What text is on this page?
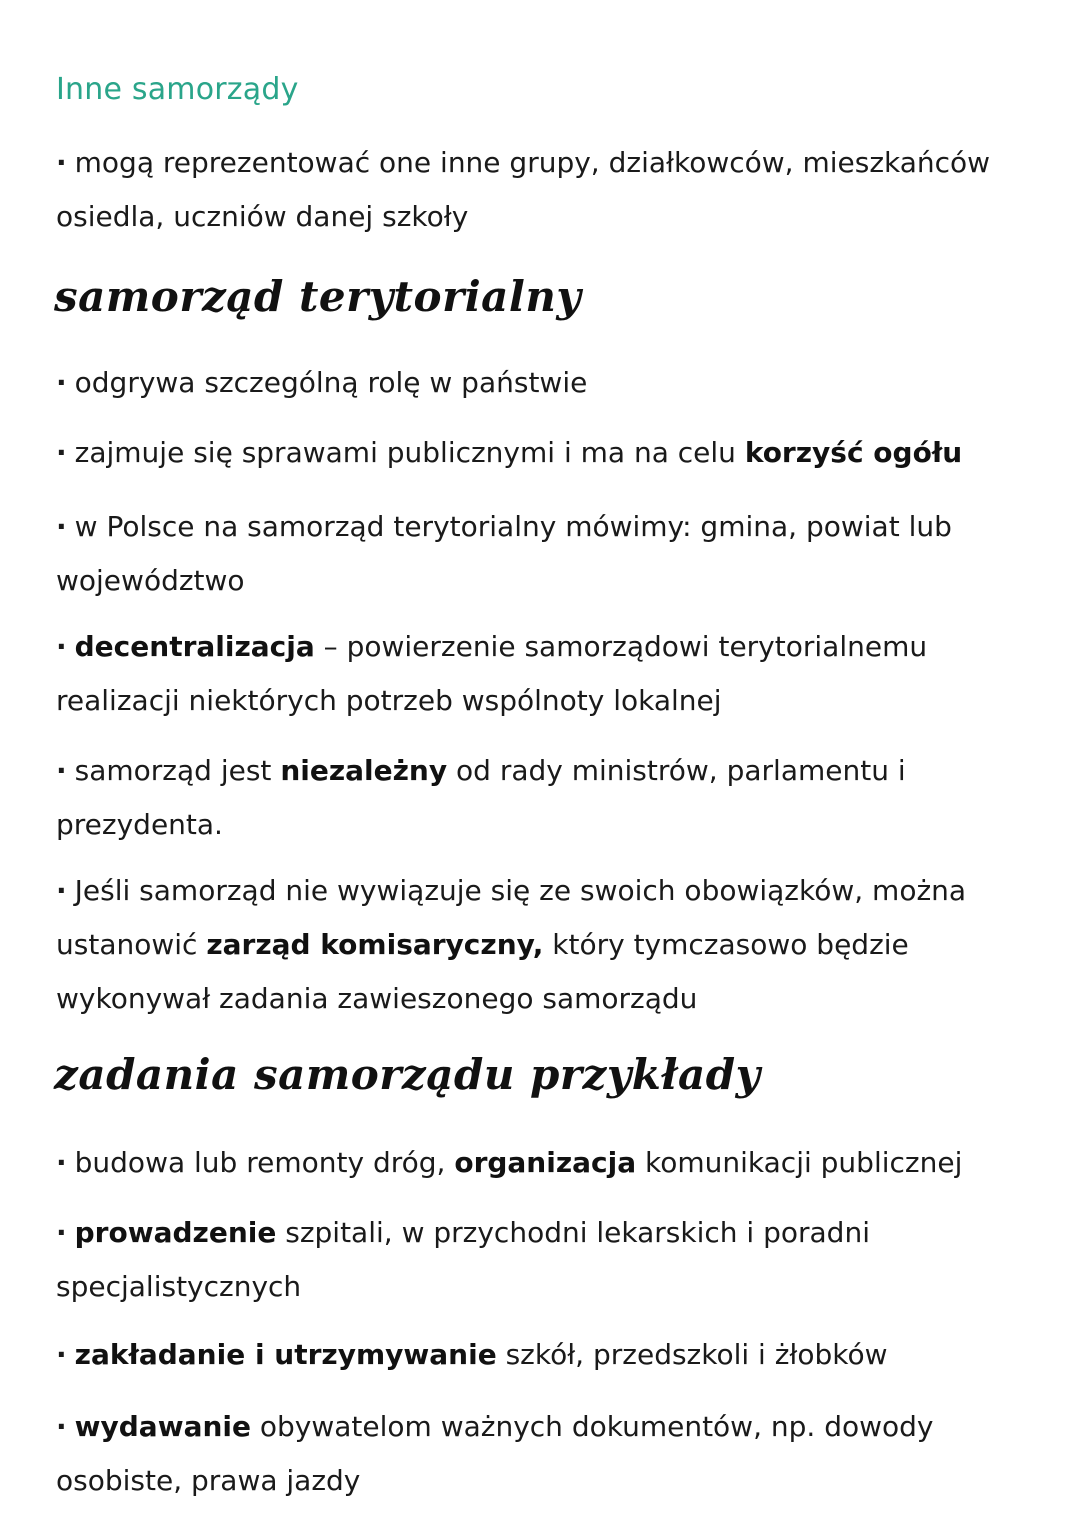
Inne samorządy
· mogą reprezentować one inne grupy, działkowców, mieszkańców osiedla, uczniów danej szkoły
samorząd terytorialny
· odgrywa szczególną rolę w państwie
· zajmuje się sprawami publicznymi i ma na celu korzyść ogółu
· w Polsce na samorząd terytorialny mówimy: gmina, powiat lub województwo
· decentralizacja – powierzenie samorządowi terytorialnemu realizacji niektórych potrzeb wspólnoty lokalnej
· samorząd jest niezależny od rady ministrów, parlamentu i prezydenta.
· Jeśli samorząd nie wywiązuje się ze swoich obowiązków, można ustanowić zarząd komisaryczny, który tymczasowo będzie wykonywał zadania zawieszonego samorządu
zadania samorządu przykłady
· budowa lub remonty dróg, organizacja komunikacji publicznej
· prowadzenie szpitali, w przychodni lekarskich i poradni specjalistycznych
· zakładanie i utrzymywanie szkół, przedszkoli i żłobków
· wydawanie obywatelom ważnych dokumentów, np. dowody osobiste, prawa jazdy
